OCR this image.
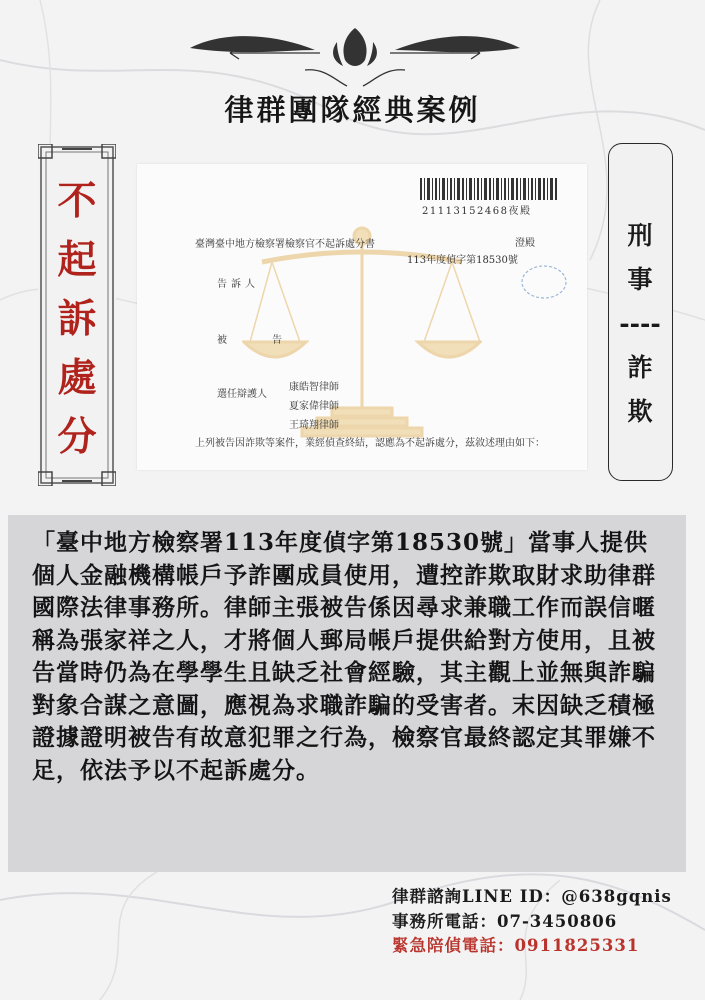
律群團隊經典案例
不
起
訴
處
分
刑
事
----
詐
欺
21113152468夜殿
臺灣臺中地方檢察署檢察官不起訴處分書	澄殿
113年度偵字第18530號
告訴人
被	告
選任辯護人
康皓智律師
夏家偉律師
王琦翔律師
上列被告因詐欺等案件，業經偵查終結，認應為不起訴處分，茲敘述理由如下：
「臺中地方檢察署113年度偵字第18530號」當事人提供個人金融機構帳戶予詐團成員使用，遭控詐欺取財求助律群國際法律事務所。律師主張被告係因尋求兼職工作而誤信暱稱為張家祥之人，才將個人郵局帳戶提供給對方使用，且被告當時仍為在學學生且缺乏社會經驗，其主觀上並無與詐騙對象合謀之意圖，應視為求職詐騙的受害者。末因缺乏積極證據證明被告有故意犯罪之行為，檢察官最終認定其罪嫌不足，依法予以不起訴處分。
律群諮詢LINE ID：@638gqnis
事務所電話：07-3450806
緊急陪偵電話：0911825331
